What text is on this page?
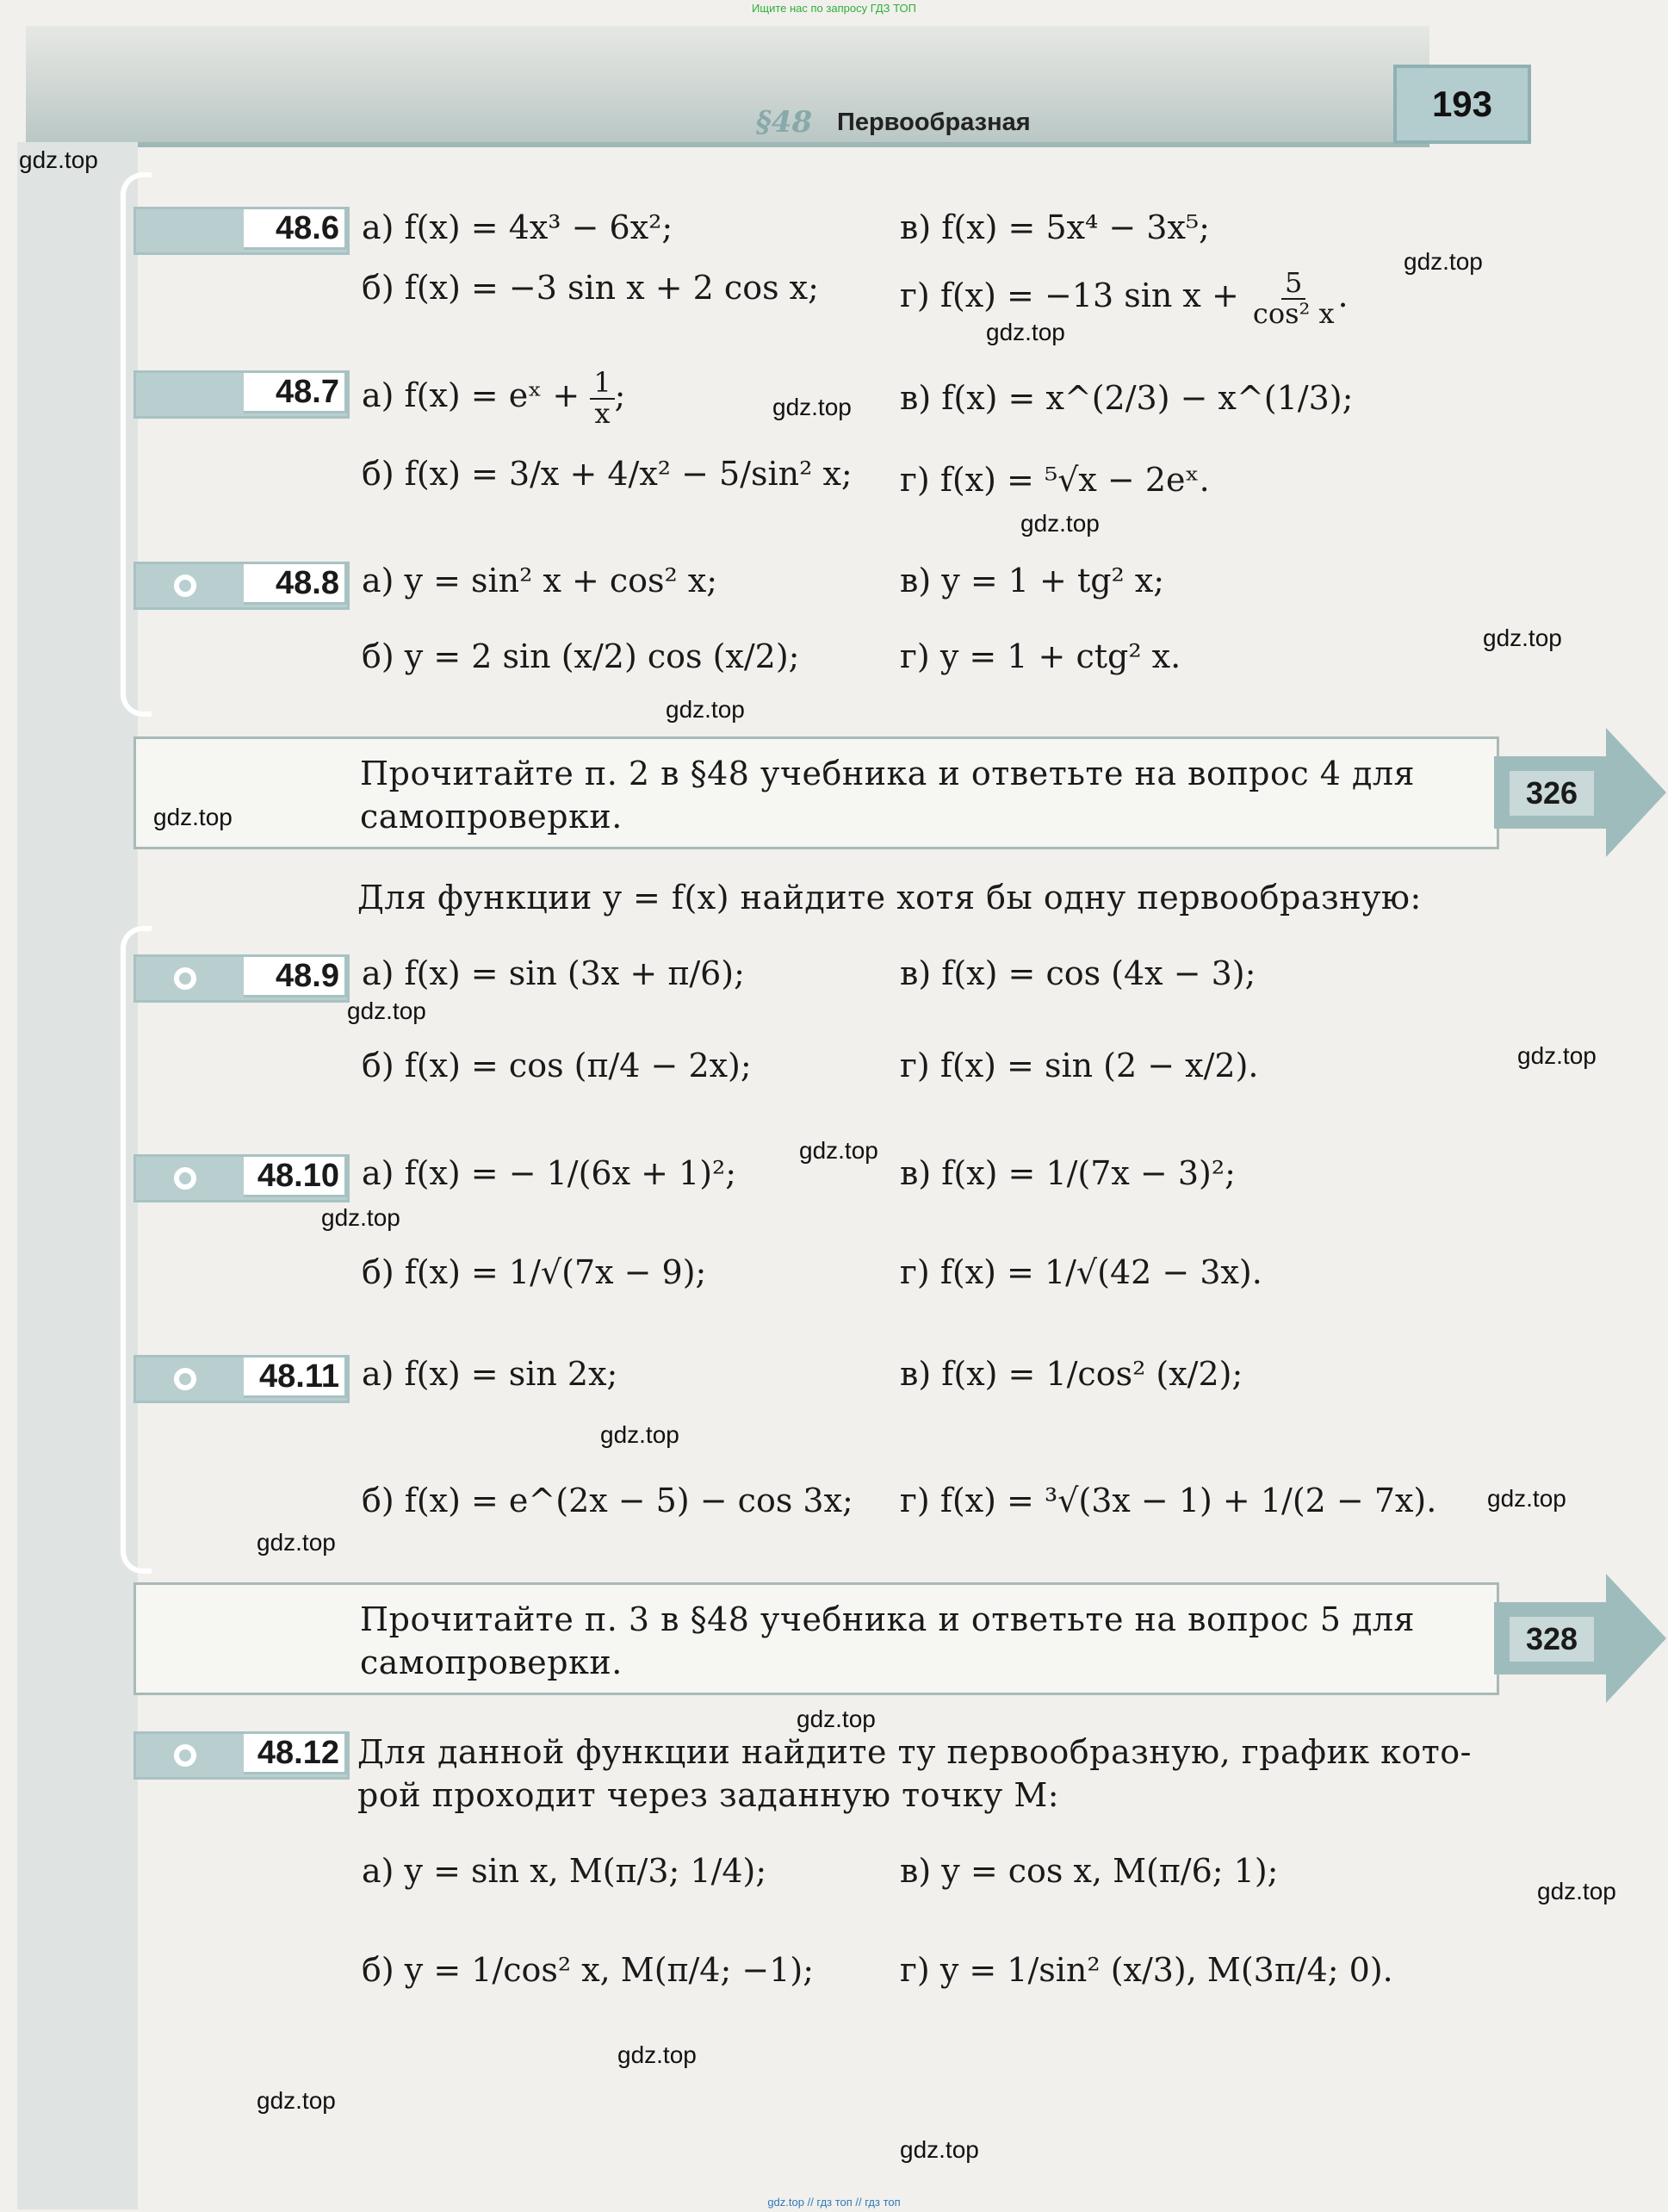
Ищите нас по запросу ГДЗ ТОП
§48 Первообразная	193
48.6 а) f(x) = 4x³ − 6x²;	в) f(x) = 5x⁴ − 3x⁵;
б) f(x) = −3 sin x + 2 cos x; г) f(x) = −13 $\sin x + \frac{5}{\text{cos² x}}$ .
48.7 а) f(x) = eˣ + $\frac{1}{x}$ ;	в) f(x) = x^(2/3) − x^(1/3);
б) f(x) = 3/x + 4/x² − 5/sin² x; г) f(x) = ⁵√x − 2eˣ.
48.8 а) y = sin² x + cos² x;	в) y = 1 + tg² x;
б) y = 2 sin (x/2) cos (x/2);	г) y = 1 + ctg² x.
Прочитайте п. 2 в §48 учебника и ответьте на вопрос 4 для
самопроверки.
326
Для функции y = f(x) найдите хотя бы одну первообразную:
48.9 а) f(x) = sin (3x + π/6);	в) f(x) = cos (4x − 3);
б) f(x) = cos (π/4 − 2x);	г) f(x) = sin (2 − x/2).
48.10 а) f(x) = − 1/(6x + 1)²;	в) f(x) = 1/(7x − 3)²;
б) f(x) = 1/√(7x − 9);	г) f(x) = 1/√(42 − 3x).
48.11 а) f(x) = sin 2x;	в) f(x) = 1/cos² (x/2);
б) f(x) = e^(2x − 5) − cos 3x; г) f(x) = ³√(3x − 1) + 1/(2 − 7x).
Прочитайте п. 3 в §48 учебника и ответьте на вопрос 5 для
самопроверки.
328
48.12 Для данной функции найдите ту первообразную, график кото-
рой проходит через заданную точку M:
а) y = sin x, M(π/3; 1/4);	в) y = cos x, M(π/6; 1);
б) y = 1/cos² x, M(π/4; −1);	г) y = 1/sin² (x/3), M(3π/4; 0).
gdz.top
gdz.top
gdz.top
gdz.top
gdz.top
gdz.top
gdz.top
gdz.top
gdz.top
gdz.top
gdz.top
gdz.top
gdz.top
gdz.top
gdz.top
gdz.top
gdz.top
gdz.top
gdz.top
gdz.top
gdz.top // гдз топ // гдз топ
